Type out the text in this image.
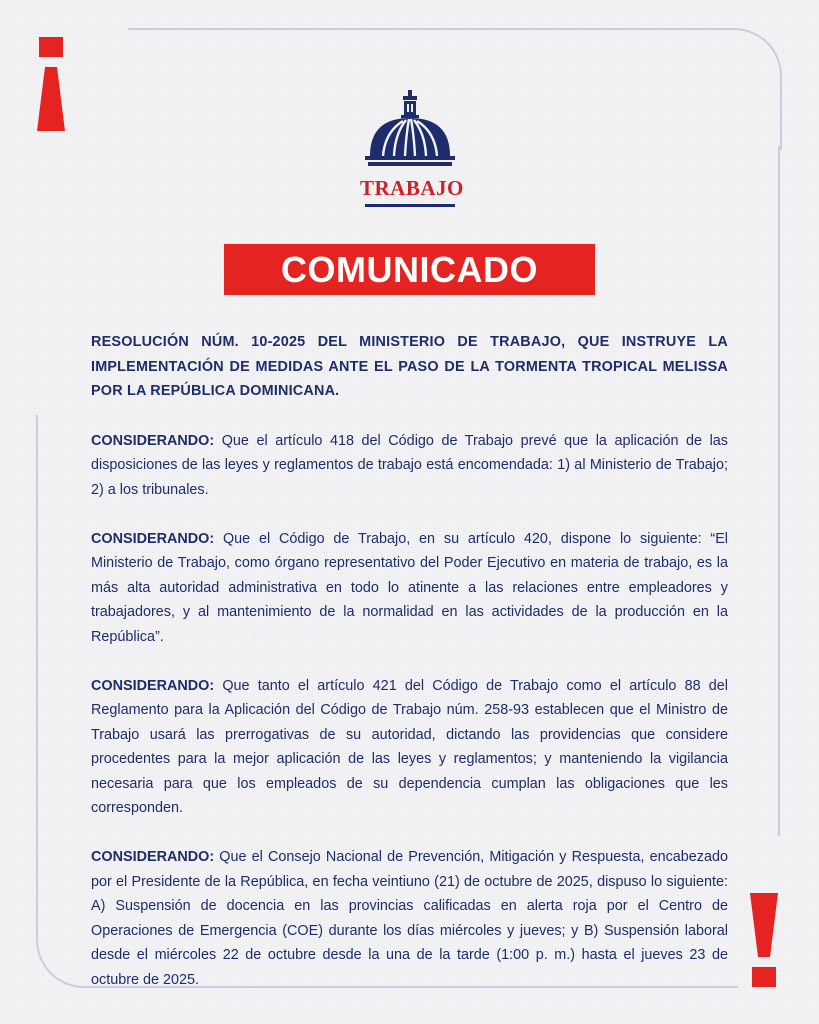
TRABAJO
COMUNICADO

RESOLUCIÓN NÚM. 10-2025 DEL MINISTERIO DE TRABAJO, QUE INSTRUYE LA IMPLEMENTACIÓN DE MEDIDAS ANTE EL PASO DE LA TORMENTA TROPICAL MELISSA POR LA REPÚBLICA DOMINICANA.

CONSIDERANDO: Que el artículo 418 del Código de Trabajo prevé que la aplicación de las disposiciones de las leyes y reglamentos de trabajo está encomendada: 1) al Ministerio de Trabajo; 2) a los tribunales.

CONSIDERANDO: Que el Código de Trabajo, en su artículo 420, dispone lo siguiente: “El Ministerio de Trabajo, como órgano representativo del Poder Ejecutivo en materia de trabajo, es la más alta autoridad administrativa en todo lo atinente a las relaciones entre empleadores y trabajadores, y al mantenimiento de la normalidad en las actividades de la producción en la República”.

CONSIDERANDO: Que tanto el artículo 421 del Código de Trabajo como el artículo 88 del Reglamento para la Aplicación del Código de Trabajo núm. 258-93 establecen que el Ministro de Trabajo usará las prerrogativas de su autoridad, dictando las providencias que considere procedentes para la mejor aplicación de las leyes y reglamentos; y manteniendo la vigilancia necesaria para que los empleados de su dependencia cumplan las obligaciones que les corresponden.

CONSIDERANDO: Que el Consejo Nacional de Prevención, Mitigación y Respuesta, encabezado por el Presidente de la República, en fecha veintiuno (21) de octubre de 2025, dispuso lo siguiente: A) Suspensión de docencia en las provincias calificadas en alerta roja por el Centro de Operaciones de Emergencia (COE) durante los días miércoles y jueves; y B) Suspensión laboral desde el miércoles 22 de octubre desde la una de la tarde (1:00 p. m.) hasta el jueves 23 de octubre de 2025.
